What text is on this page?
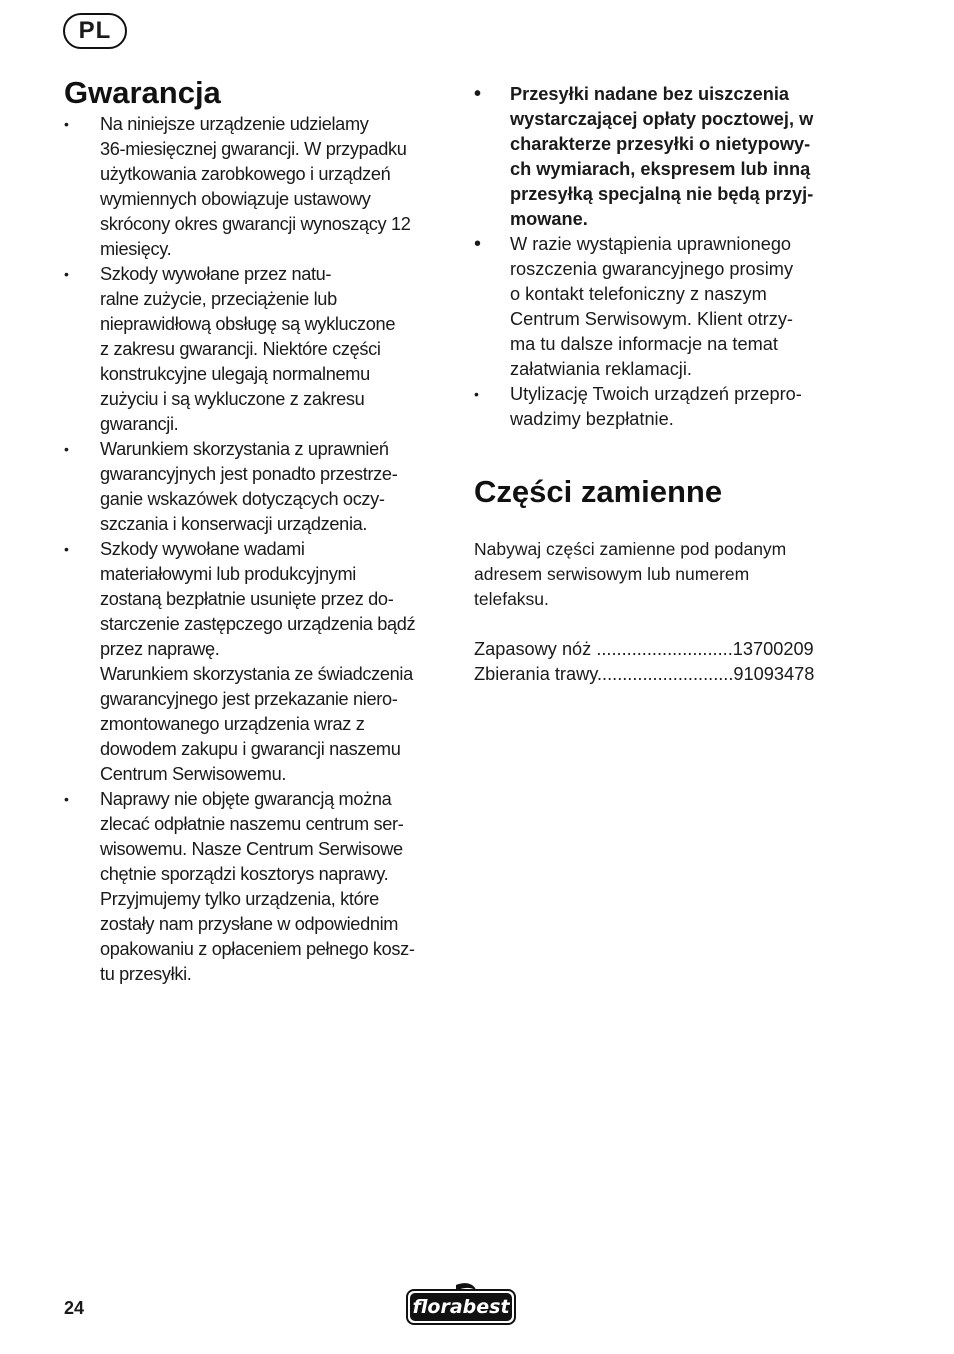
PL
Gwarancja
•	Na niniejsze urządzenie udzielamy
36-miesięcznej gwarancji. W przypadku
użytkowania zarobkowego i urządzeń
wymiennych obowiązuje ustawowy
skrócony okres gwarancji wynoszący 12
miesięcy.
•	Szkody wywołane przez natu-
ralne zużycie, przeciążenie lub
nieprawidłową obsługę są wykluczone
z zakresu gwarancji. Niektóre części
konstrukcyjne ulegają normalnemu
zużyciu i są wykluczone z zakresu
gwarancji.
•	Warunkiem skorzystania z uprawnień
gwarancyjnych jest ponadto przestrze-
ganie wskazówek dotyczących oczy-
szczania i konserwacji urządzenia.
•	Szkody wywołane wadami
materiałowymi lub produkcyjnymi
zostaną bezpłatnie usunięte przez do-
starczenie zastępczego urządzenia bądź
przez naprawę.
Warunkiem skorzystania ze świadczenia
gwarancyjnego jest przekazanie niero-
zmontowanego urządzenia wraz z
dowodem zakupu i gwarancji naszemu
Centrum Serwisowemu.
•	Naprawy nie objęte gwarancją można
zlecać odpłatnie naszemu centrum ser-
wisowemu. Nasze Centrum Serwisowe
chętnie sporządzi kosztorys naprawy.
Przyjmujemy tylko urządzenia, które
zostały nam przysłane w odpowiednim
opakowaniu z opłaceniem pełnego kosz-
tu przesyłki.
• Przesyłki nadane bez uiszczenia
wystarczającej opłaty pocztowej, w
charakterze przesyłki o nietypowy-
ch wymiarach, ekspresem lub inną
przesyłką specjalną nie będą przyj-
mowane.
• W razie wystąpienia uprawnionego
roszczenia gwarancyjnego prosimy
o kontakt telefoniczny z naszym
Centrum Serwisowym. Klient otrzy-
ma tu dalsze informacje na temat
załatwiania reklamacji.
•	Utylizację Twoich urządzeń przepro-
wadzimy bezpłatnie.
Części zamienne

Nabywaj części zamienne pod podanym
adresem serwisowym lub numerem
telefaksu.

Zapasowy nóż ...........................13700209
Zbierania trawy...........................91093478
24	florabest
